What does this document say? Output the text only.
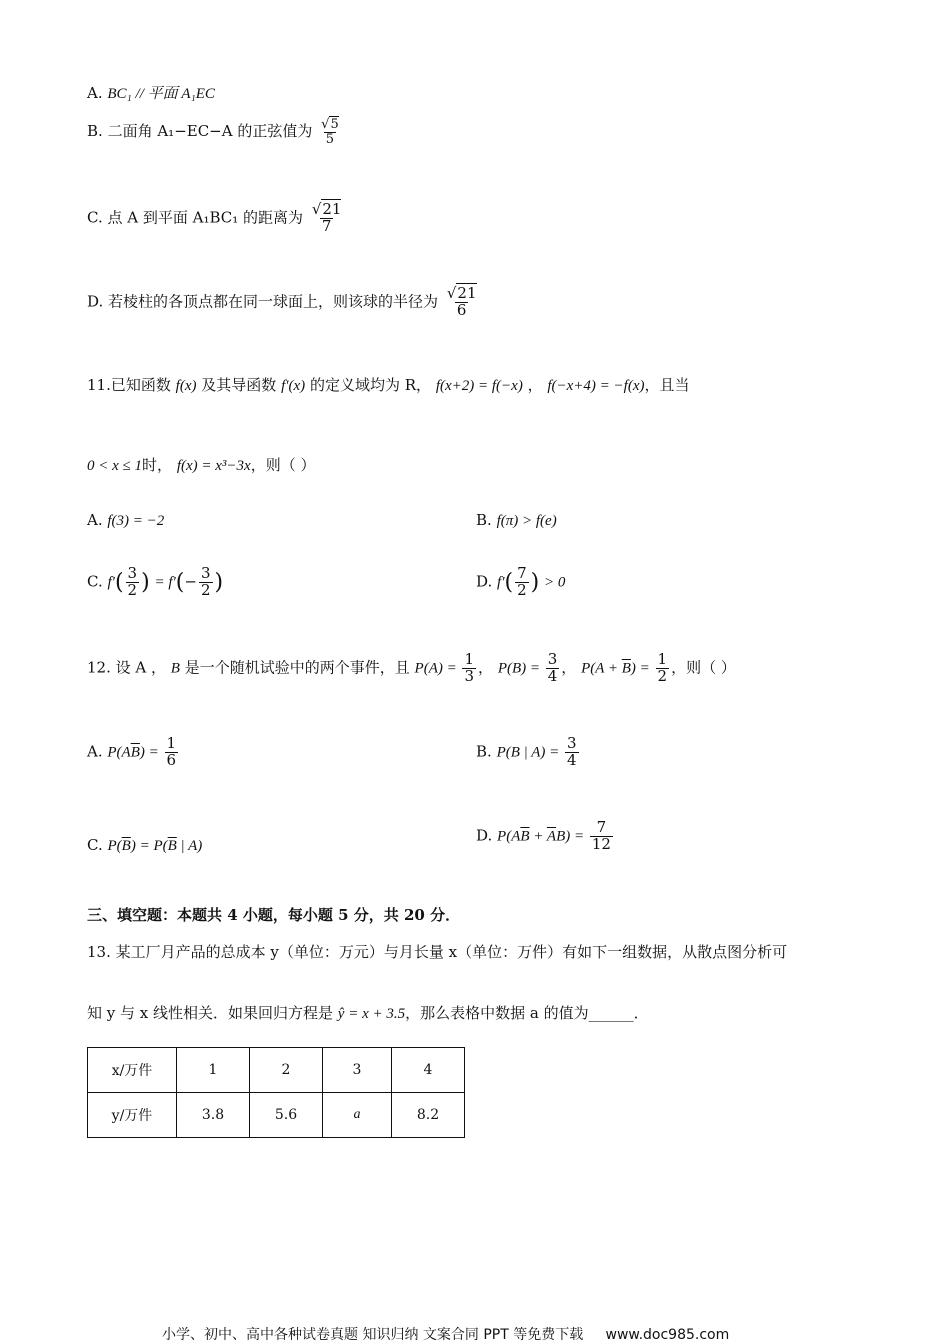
A. BC₁ // 平面 A₁EC
B. 二面角 A₁−EC−A 的正弦值为 $\frac{√5}{5}$
C. 点 A 到平面 A₁BC₁ 的距离为 $\frac{√21}{7}$
D. 若棱柱的各顶点都在同一球面上，则该球的半径为 $\frac{√21}{6}$
11.已知函数 f(x) 及其导函数 f′(x) 的定义域均为 R， f(x+2) = f(−x) ， f(−x+4) = −f(x)，且当
0 < x ≤ 1时， f(x) = x³−3x，则（ ）
A. f(3) = −2	B. f(π) > f(e)
C. $f'( \frac{3}{2}$ ) = $f'(- \frac{3}{2}$ )	D. $f'( \frac{7}{2}$ ) > 0
12. 设 A ， B 是一个随机试验中的两个事件，且 $P(A) = \frac{1}{3}$ ， $P(B) = \frac{3}{4}$ ， $P(A + \overline{B}) = \frac{1}{2}$ ，则（ ）
A. $P(A\overline{B}) = \frac{1}{6}$	B. P(B | $A) = \frac{3}{4}$
C. $P(\overline{B}) = P(\overline{B}$ | A)
D. $P(A\overline{B} + \overline{A}B) = \frac{7}{12}$
三、填空题：本题共 4 小题，每小题 5 分，共 20 分．
13. 某工厂月产品的总成本 y（单位：万元）与月长量 x（单位：万件）有如下一组数据，从散点图分析可
知 y 与 x 线性相关．如果回归方程是 ŷ = x + 3.5，那么表格中数据 a 的值为______．
x/万件	1	2	3	4
y/万件	3.8	5.6	a	8.2
小学、初中、高中各种试卷真题 知识归纳 文案合同 PPT 等免费下载 www.doc985.com
